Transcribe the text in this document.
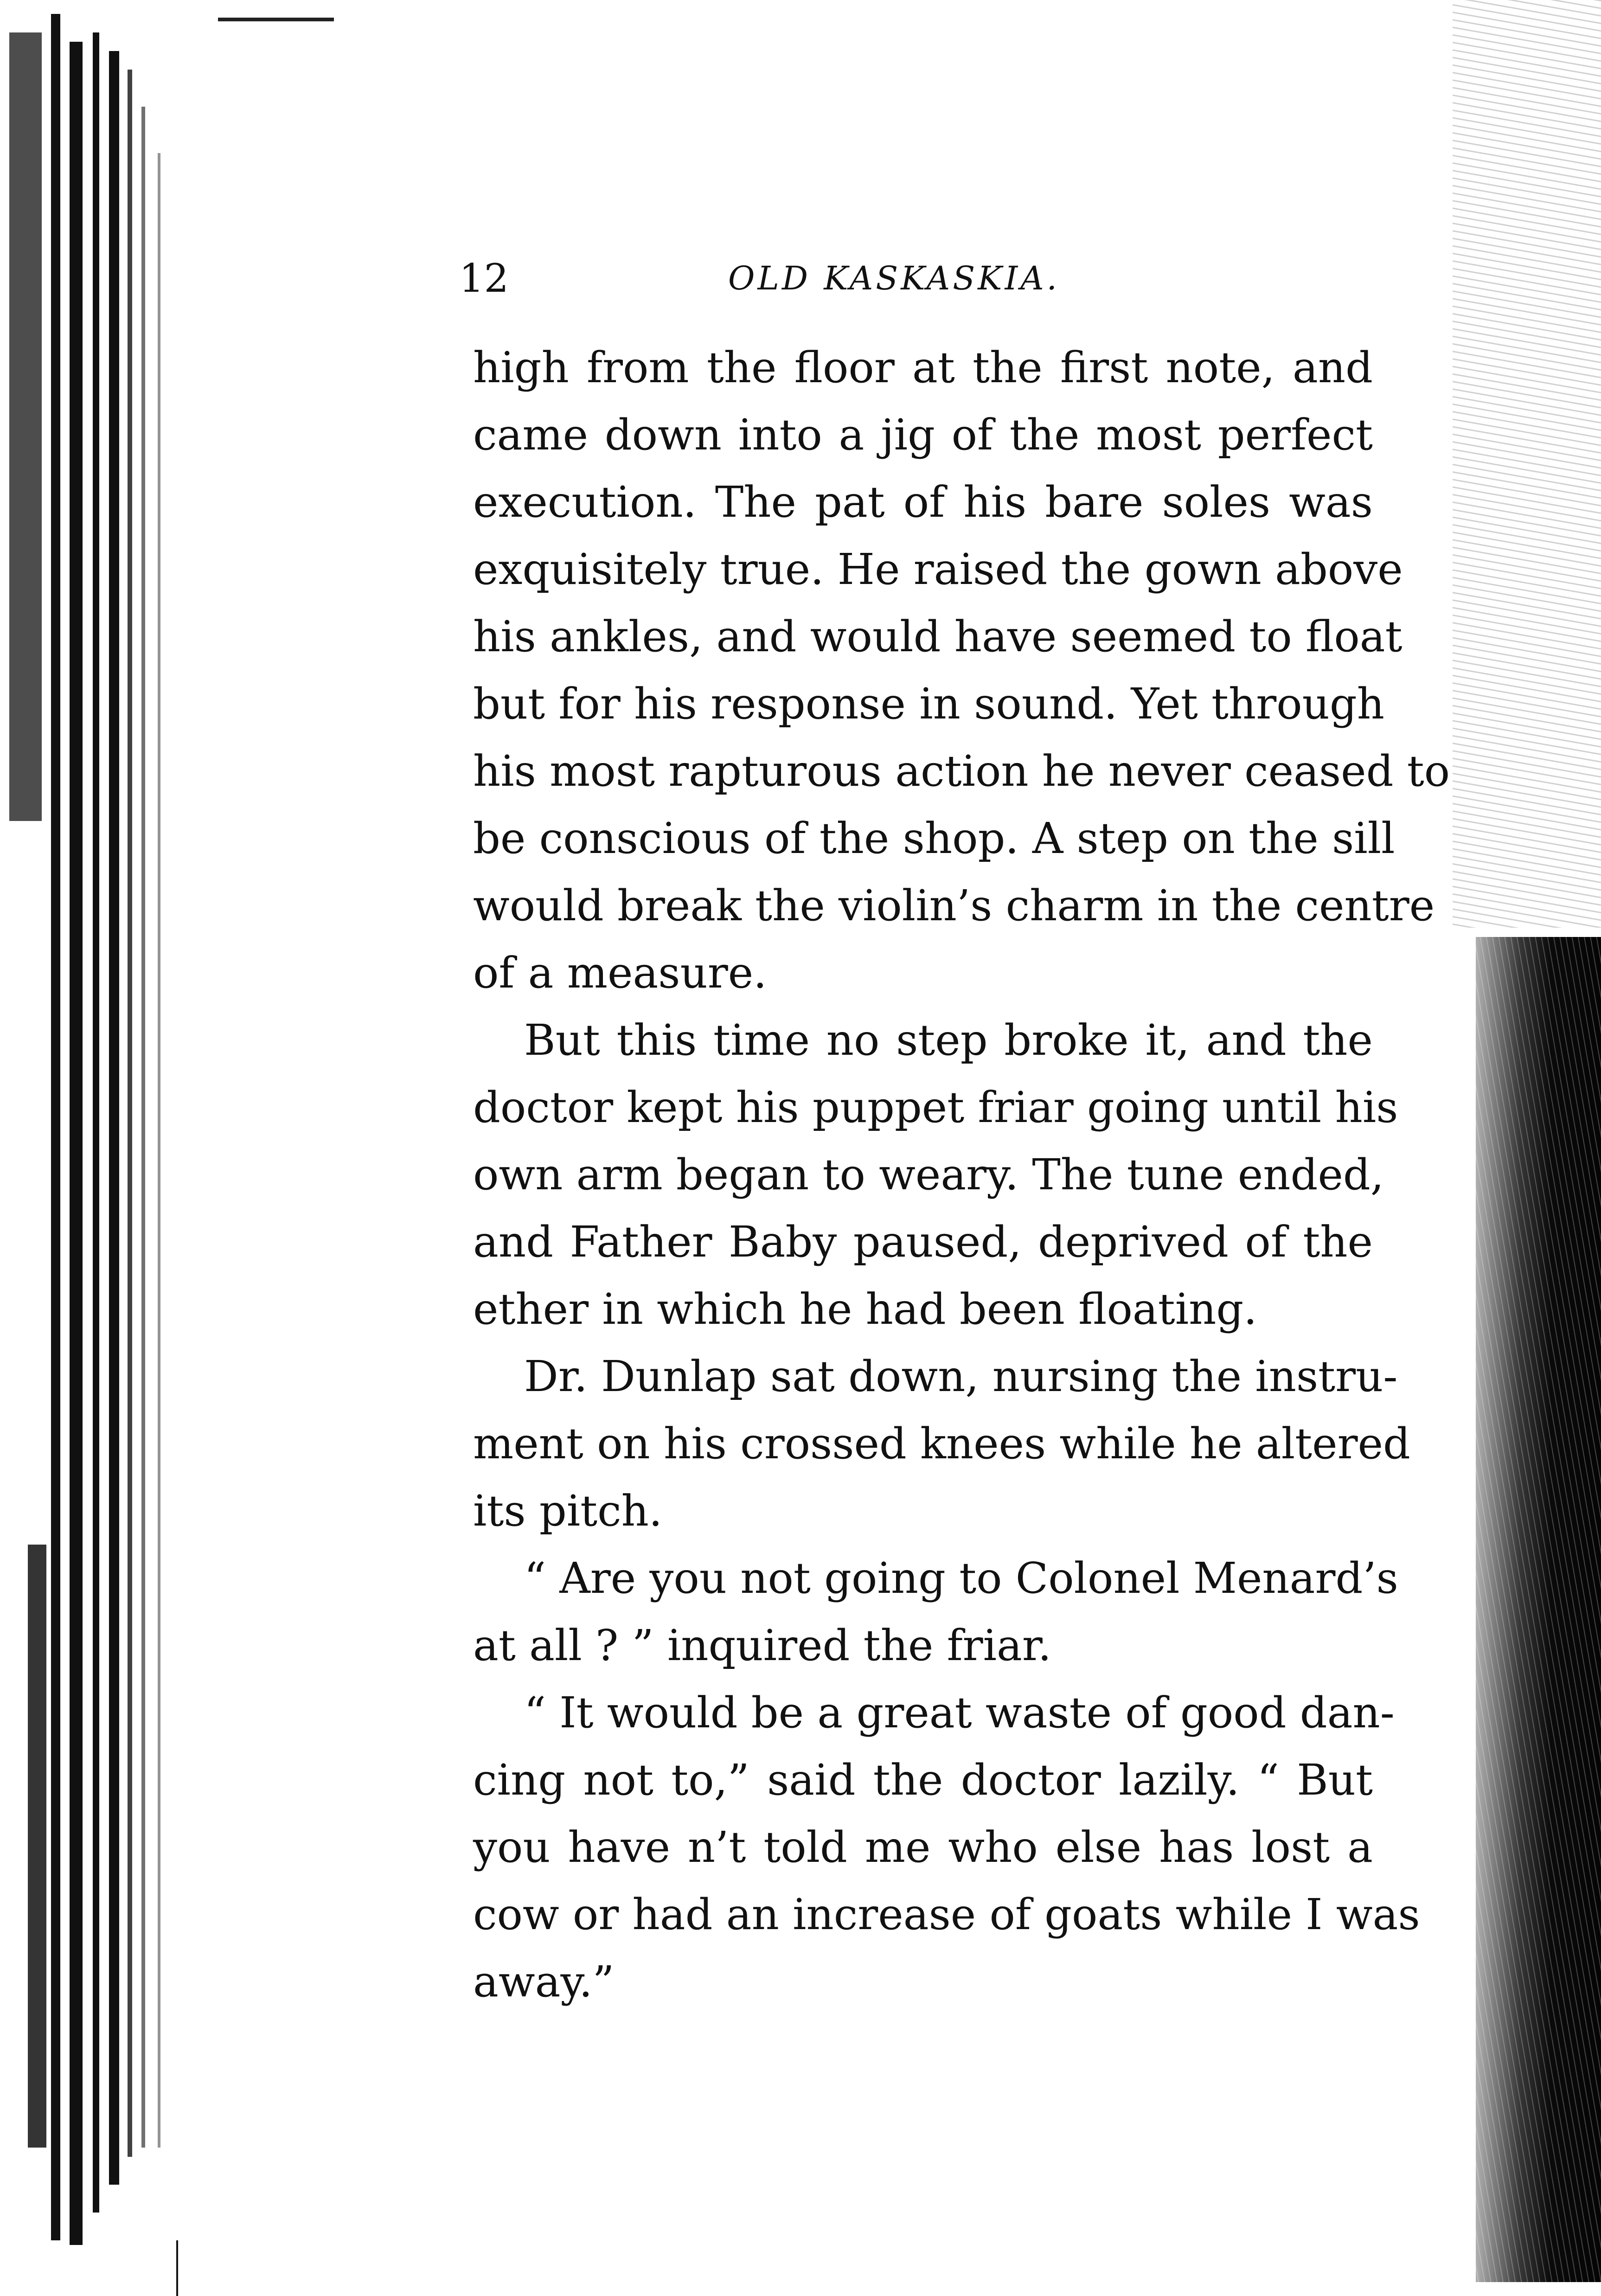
12	OLD KASKASKIA.
high from the floor at the first note, and
came down into a jig of the most perfect
execution. The pat of his bare soles was
exquisitely true. He raised the gown above
his ankles, and would have seemed to float
but for his response in sound. Yet through
his most rapturous action he never ceased to
be conscious of the shop. A step on the sill
would break the violin’s charm in the centre
of a measure.
But this time no step broke it, and the
doctor kept his puppet friar going until his
own arm began to weary. The tune ended,
and Father Baby paused, deprived of the
ether in which he had been floating.
Dr. Dunlap sat down, nursing the instru-
ment on his crossed knees while he altered
its pitch.
“ Are you not going to Colonel Menard’s
at all ? ” inquired the friar.
“ It would be a great waste of good dan-
cing not to,” said the doctor lazily. “ But
you have n’t told me who else has lost a
cow or had an increase of goats while I was
away.”
